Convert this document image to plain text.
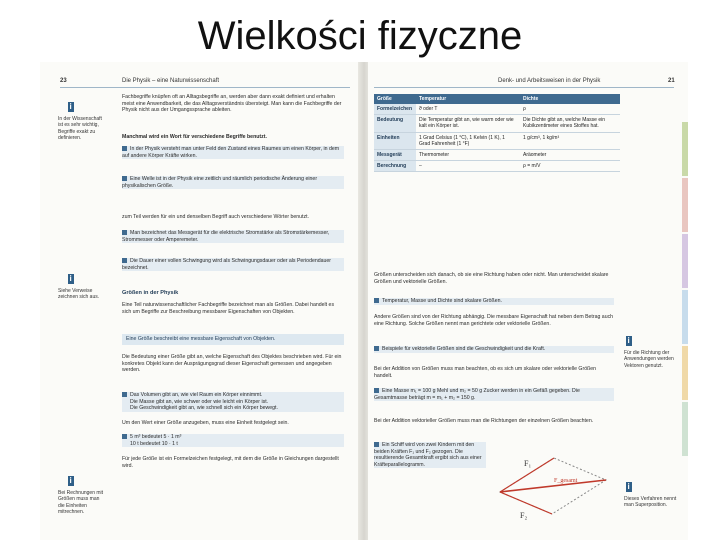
Wielkości fizyczne
23	Die Physik – eine Naturwissenschaft
i
In der Wissenschaft ist es sehr wichtig, Begriffe exakt zu definieren.
i
Siehe Verweise zeichnen sich aus.
i
Bei Rechnungen mit Größen muss man die Einheiten mitrechnen.
Fachbegriffe knüpfen oft an Alltagsbegriffe an, werden aber dann exakt definiert und erhalten meist eine Anwendbarkeit, die das Alltagsverständnis übersteigt. Man kann die Fachbegriffe der Physik nicht aus der Umgangssprache ableiten.
Manchmal wird ein Wort für verschiedene Begriffe benutzt.
In der Physik versteht man unter Feld den Zustand eines Raumes um einen Körper, in dem auf andere Körper Kräfte wirken.
Eine Welle ist in der Physik eine zeitlich und räumlich periodische Änderung einer physikalischen Größe.
zum Teil werden für ein und denselben Begriff auch verschiedene Wörter benutzt.
Man bezeichnet das Messgerät für die elektrische Stromstärke als Stromstärkemesser, Strommesser oder Amperemeter.
Die Dauer einer vollen Schwingung wird als Schwingungsdauer oder als Periodendauer bezeichnet.
Größen in der Physik
Eine Teil naturwissenschaftlicher Fachbegriffe bezeichnet man als Größen. Dabei handelt es sich um Begriffe zur Beschreibung messbarer Eigenschaften von Objekten.
Eine Größe beschreibt eine messbare Eigenschaft von Objekten.
Die Bedeutung einer Größe gibt an, welche Eigenschaft des Objektes beschrieben wird. Für ein konkretes Objekt kann der Ausprägungsgrad dieser Eigenschaft gemessen und angegeben werden.
Das Volumen gibt an, wie viel Raum ein Körper einnimmt.
Die Masse gibt an, wie schwer oder wie leicht ein Körper ist.
Die Geschwindigkeit gibt an, wie schnell sich ein Körper bewegt.
Um den Wert einer Größe anzugeben, muss eine Einheit festgelegt sein.
5 m³ bedeutet 5 · 1 m³
10 t bedeutet 10 · 1 t
Für jede Größe ist ein Formelzeichen festgelegt, mit dem die Größe in Gleichungen dargestellt wird.
Denk- und Arbeitsweisen in der Physik	21
Größe	Temperatur	Dichte
Formelzeichen	ϑ oder T	ρ
Bedeutung	Die Temperatur gibt an, wie warm oder wie kalt ein Körper ist.	Die Dichte gibt an, welche Masse ein Kubikzentimeter eines Stoffes hat.
Einheiten	1 Grad Celsius (1 °C), 1 Kelvin (1 K), 1 Grad Fahrenheit (1 °F)	1 g/cm³, 1 kg/m³
Messgerät	Thermometer	Aräometer
Berechnung	–	ρ = m/V
Größen unterscheiden sich danach, ob sie eine Richtung haben oder nicht. Man unterscheidet skalare Größen und vektorielle Größen.
Temperatur, Masse und Dichte sind skalare Größen.
Andere Größen sind von der Richtung abhängig. Die messbare Eigenschaft hat neben dem Betrag auch eine Richtung. Solche Größen nennt man gerichtete oder vektorielle Größen.
Beispiele für vektorielle Größen sind die Geschwindigkeit und die Kraft.
Bei der Addition von Größen muss man beachten, ob es sich um skalare oder vektorielle Größen handelt.
Eine Masse m₁ = 100 g Mehl und m₂ = 50 g Zucker werden in ein Gefäß gegeben. Die Gesamtmasse beträgt m = m₁ + m₂ = 150 g.
Bei der Addition vektorieller Größen muss man die Richtungen der einzelnen Größen beachten.
Ein Schiff wird von zwei Kindern mit den beiden Kräften F₁ und F₂ gezogen. Die resultierende Gesamtkraft ergibt sich aus einer Kräfteparallelogramm.	F₁
F₂
F_gesamt
i
Für die Richtung der Anwendungen werden Vektoren genutzt.
i
Dieses Verfahren nennt man Superposition.
